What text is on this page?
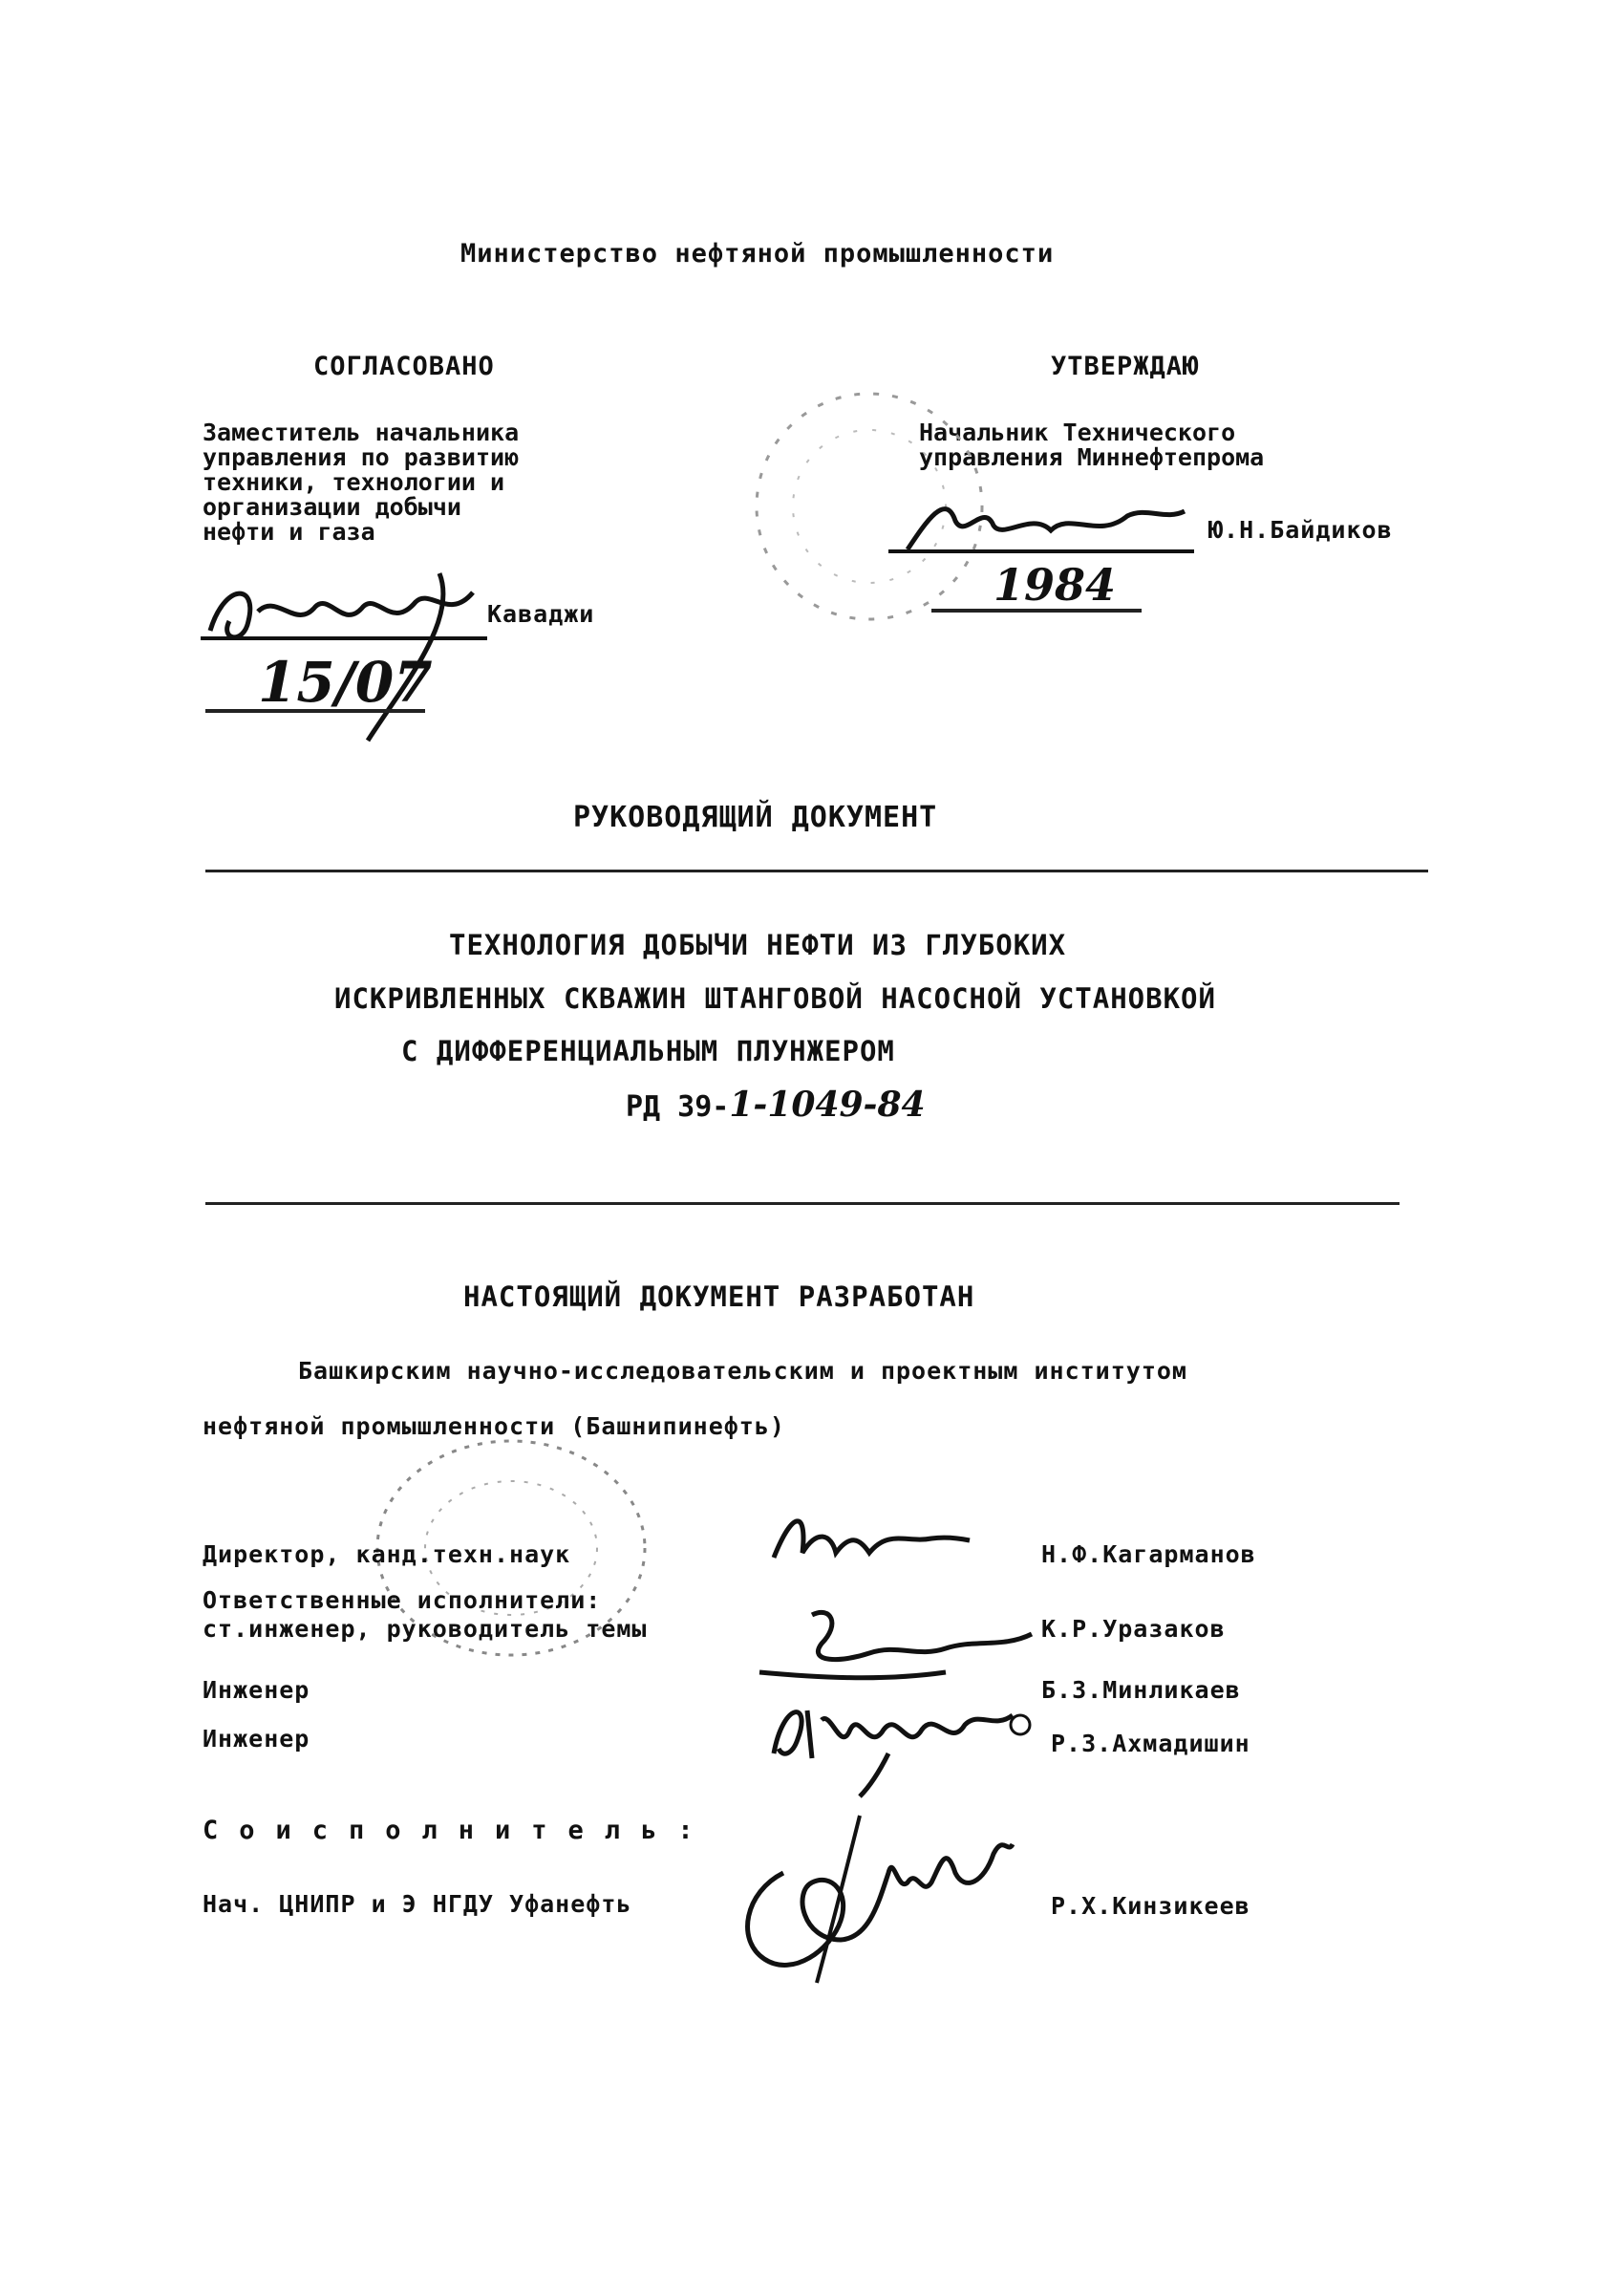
Министерство нефтяной промышленности
СОГЛАСОВАНО
Заместитель начальника
управления по развитию
техники, технологии и
организации добычи
нефти и газа
Каваджи
15/07
УТВЕРЖДАЮ
Начальник Технического
управления Миннефтепрома
Ю.Н.Байдиков
1984
РУКОВОДЯЩИЙ ДОКУМЕНТ
ТЕХНОЛОГИЯ ДОБЫЧИ НЕФТИ ИЗ ГЛУБОКИХ
ИСКРИВЛЕННЫХ СКВАЖИН ШТАНГОВОЙ НАСОСНОЙ УСТАНОВКОЙ
С ДИФФЕРЕНЦИАЛЬНЫМ ПЛУНЖЕРОМ
РД 39-1-1049-84
НАСТОЯЩИЙ ДОКУМЕНТ РАЗРАБОТАН
Башкирским научно-исследовательским и проектным институтом
нефтяной промышленности (Башнипинефть)
Директор, канд.техн.наук	Н.Ф.Кагарманов
Ответственные исполнители:
ст.инженер, руководитель темы	К.Р.Уразаков
Инженер	Б.З.Минликаев
Инженер	Р.З.Ахмадишин
Соисполнитель:
Нач. ЦНИПР и Э НГДУ Уфанефть	Р.Х.Кинзикеев
